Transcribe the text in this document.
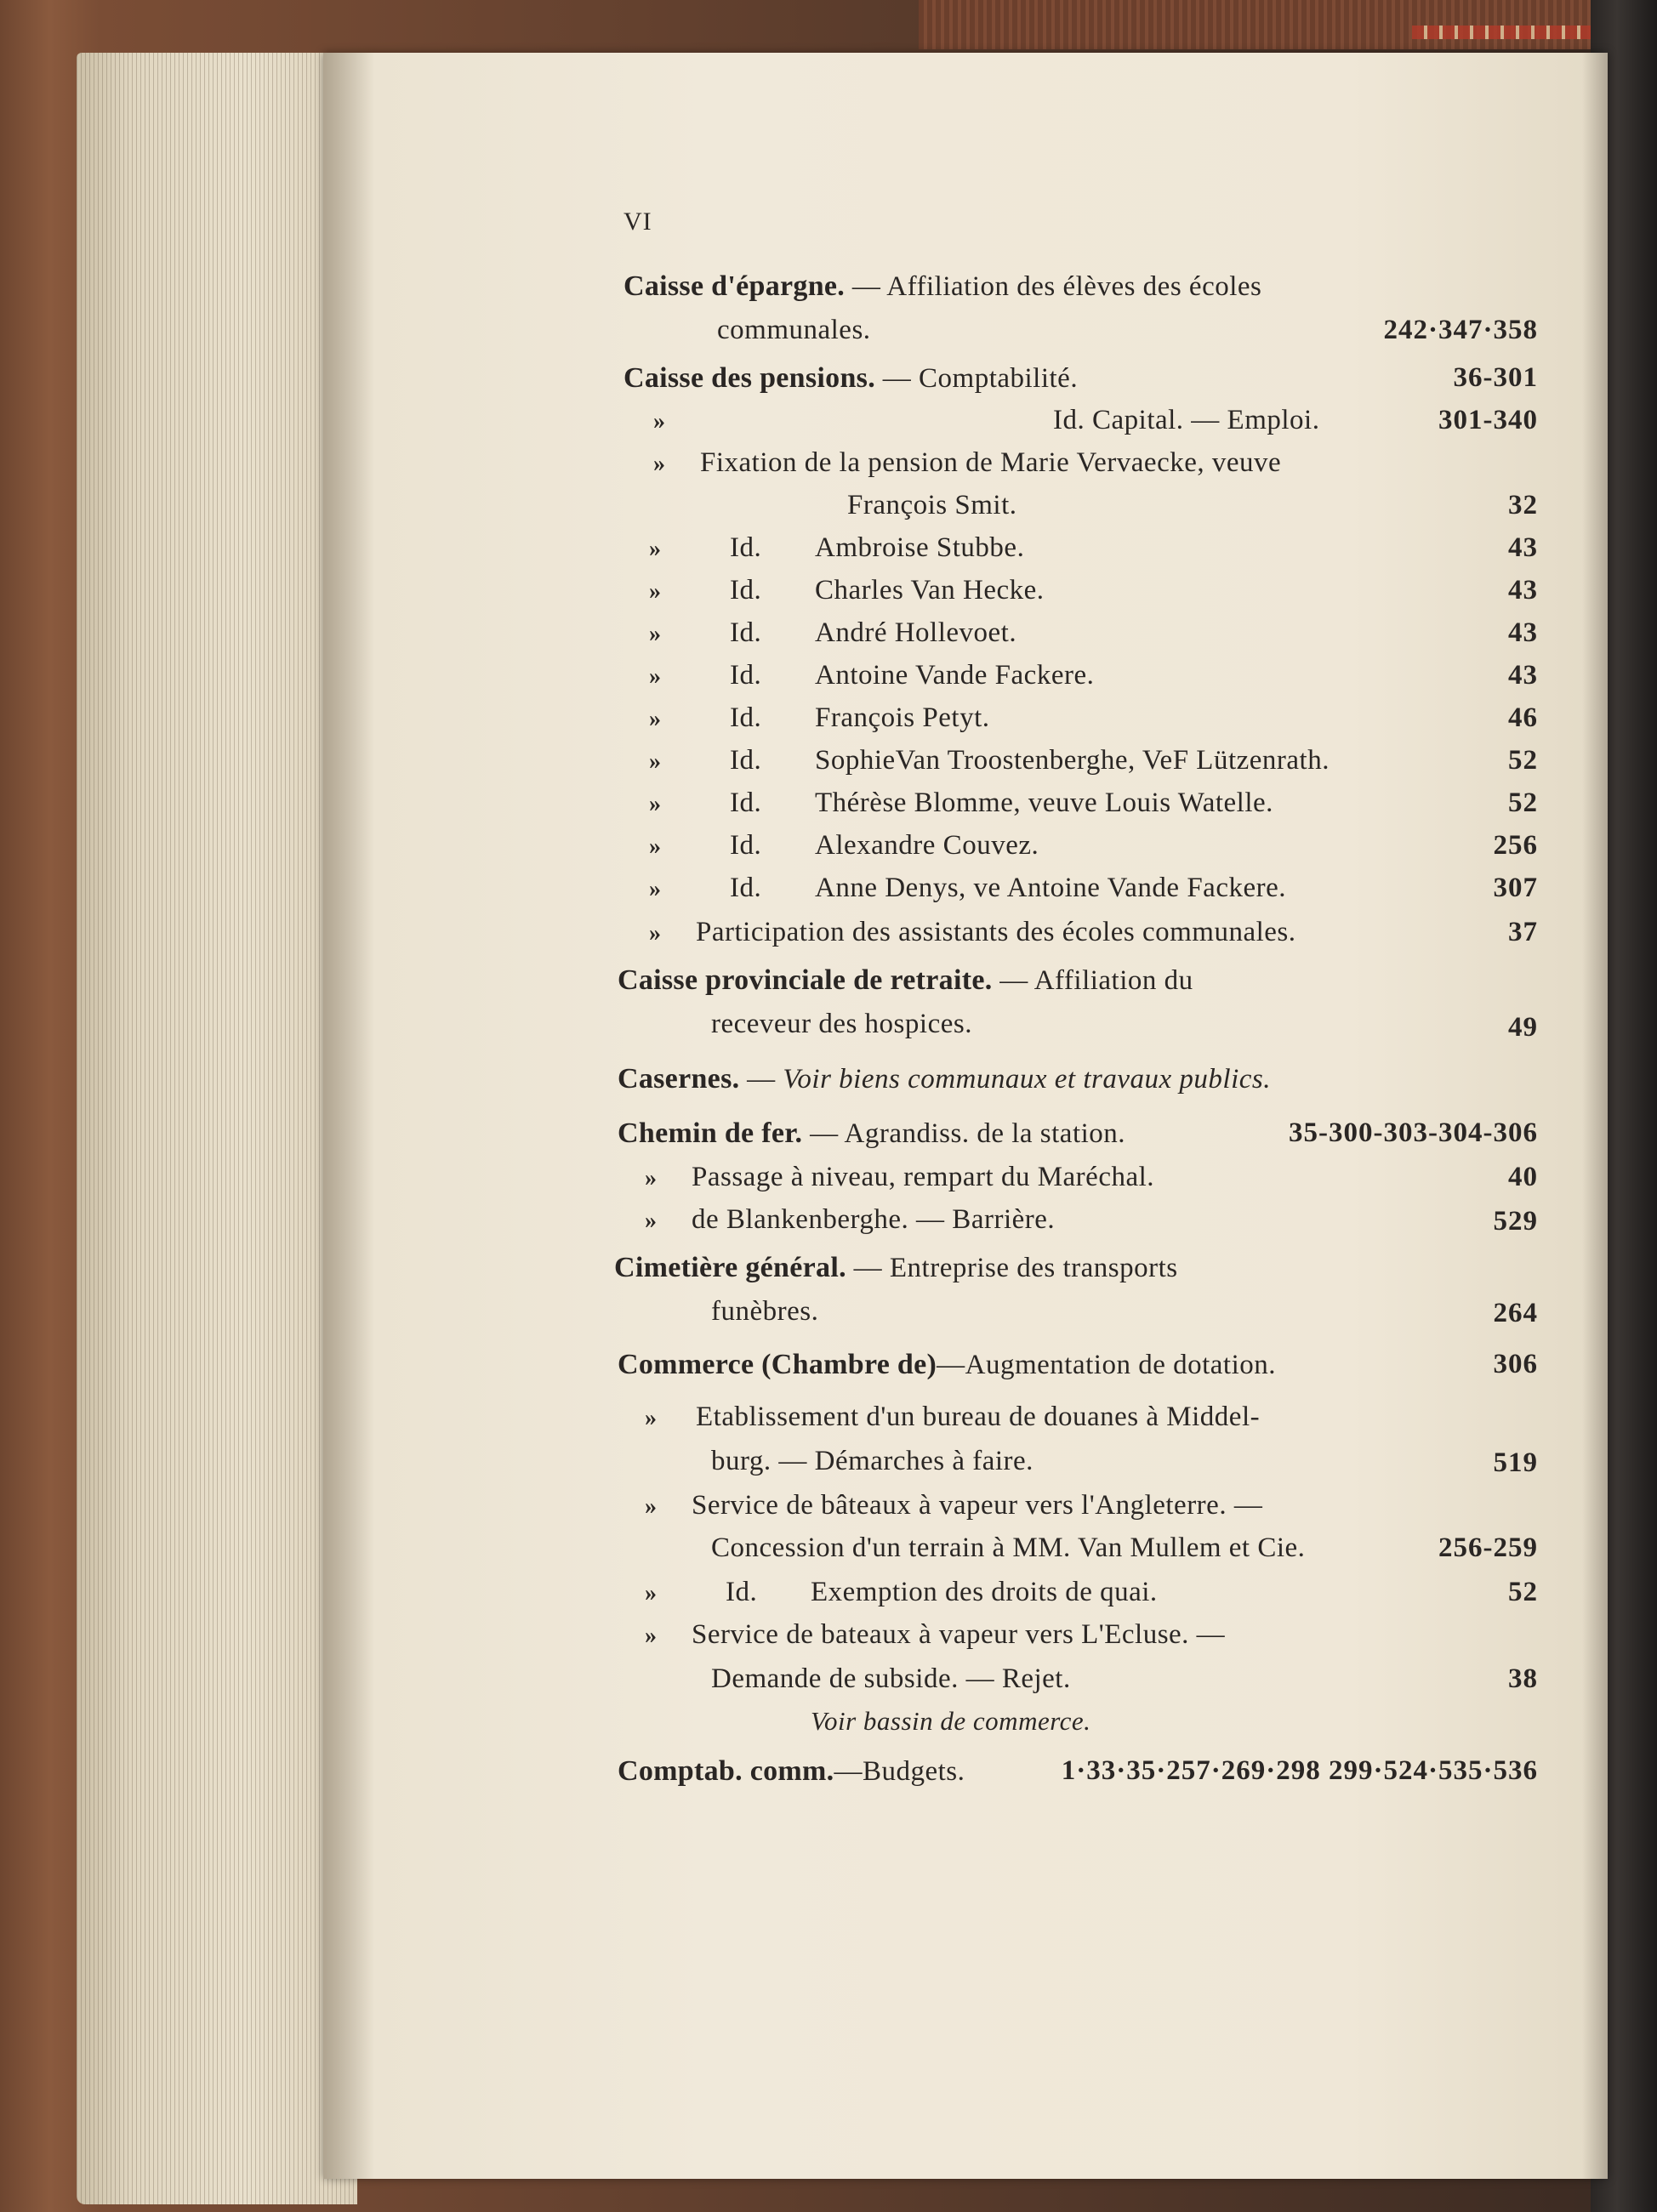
VI
Caisse d'épargne. — Affiliation des élèves des écoles
communales.	242·347·358
Caisse des pensions. — Comptabilité.	36-301
»	Id. Capital. — Emploi.	301-340
» Fixation de la pension de Marie Vervaecke, veuve
François Smit.	32
» Id. Ambroise Stubbe.	43
» Id. Charles Van Hecke.	43
» Id. André Hollevoet.	43
» Id. Antoine Vande Fackere.	43
» Id. François Petyt.	46
» Id. SophieVan Troostenberghe, VeF Lützenrath.	52
» Id. Thérèse Blomme, veuve Louis Watelle.	52
» Id. Alexandre Couvez.	256
» Id. Anne Denys, ve Antoine Vande Fackere.	307
» Participation des assistants des écoles communales.	37
Caisse provinciale de retraite. — Affiliation du
receveur des hospices.	49
Casernes. — Voir biens communaux et travaux publics.
Chemin de fer. — Agrandiss. de la station.	35-300-303-304-306
» Passage à niveau, rempart du Maréchal.	40
» de Blankenberghe. — Barrière.	529
Cimetière général. — Entreprise des transports
funèbres.	264
Commerce (Chambre de)—Augmentation de dotation.	306
» Etablissement d'un bureau de douanes à Middel-
burg. — Démarches à faire.	519
» Service de bâteaux à vapeur vers l'Angleterre. —
Concession d'un terrain à MM. Van Mullem et Cie.	256-259
» Id. Exemption des droits de quai.	52
» Service de bateaux à vapeur vers L'Ecluse. —
Demande de subside. — Rejet.	38
Voir bassin de commerce.
Comptab. comm.—Budgets.	1·33·35·257·269·298 299·524·535·536
